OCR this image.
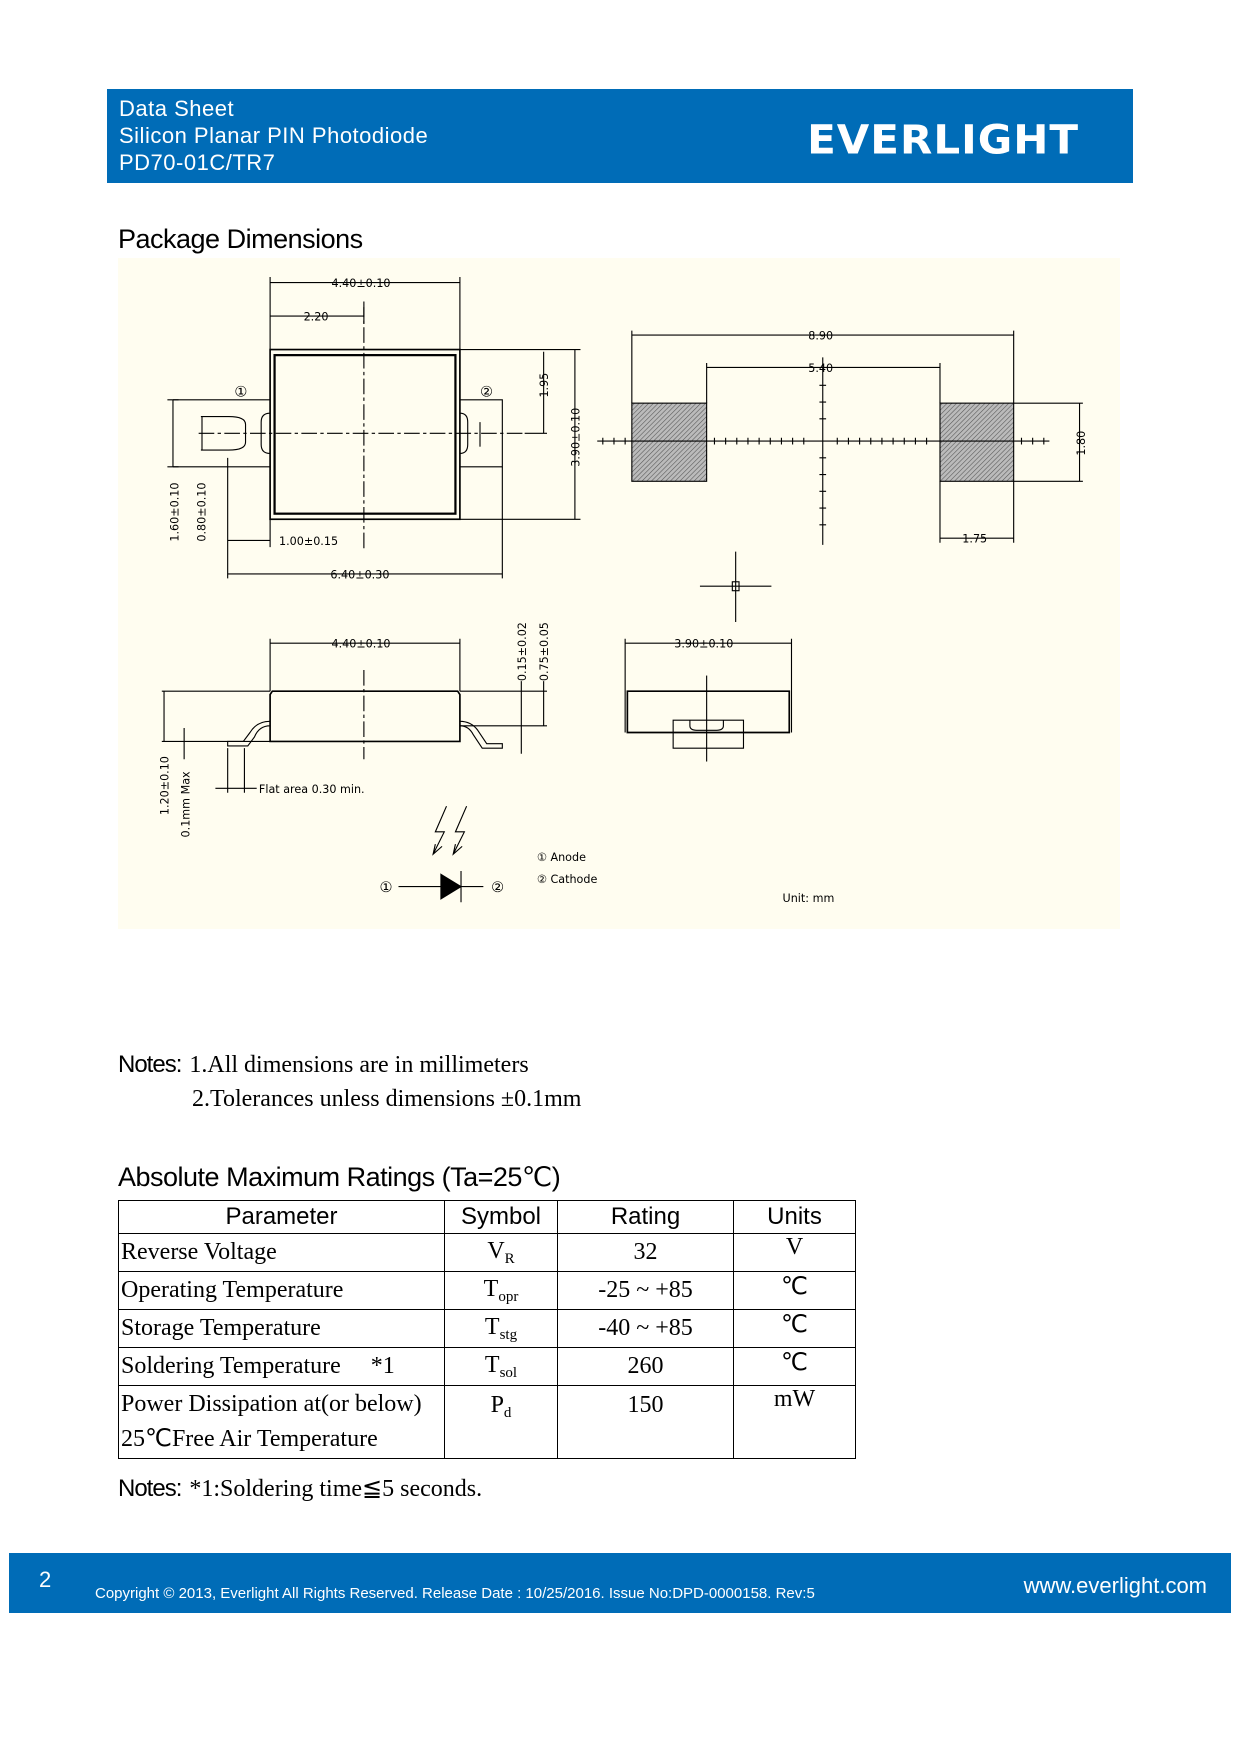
Data Sheet
Silicon Planar PIN Photodiode
PD70-01C/TR7	EVERLIGHT
Package Dimensions
4.40±0.10
2.20
①	②	1.95
3.90±0.10
1.60±0.10 0.80±0.10	1.00±0.15
6.40±0.30
8.90
5.40
1.80
1.75
4.40±0.10	0.15±0.02 0.75±0.05
1.20±0.10 0.1mm Max	Flat area 0.30 min.
3.90±0.10
①	②
① Anode
② Cathode
Unit: mm
Notes: 1.All dimensions are in millimeters
2.Tolerances unless dimensions ±0.1mm
Absolute Maximum Ratings (Ta=25℃)
Parameter	Symbol	Rating	Units
Reverse Voltage	$V_R$	32	V
Operating Temperature	$T_{opr}$	-25 ~ +85	℃
Storage Temperature	$T_{stg}$	-40 ~ +85	℃
Soldering Temperature     *1	$T_{sol}$	260	℃

Power Dissipation at(or below)
25℃Free Air Temperature	$P_d$	150	mW
Notes: *1:Soldering time≦5 seconds.
2
Copyright © 2013, Everlight All Rights Reserved. Release Date : 10/25/2016. Issue No:DPD-0000158. Rev:5	www.everlight.com
